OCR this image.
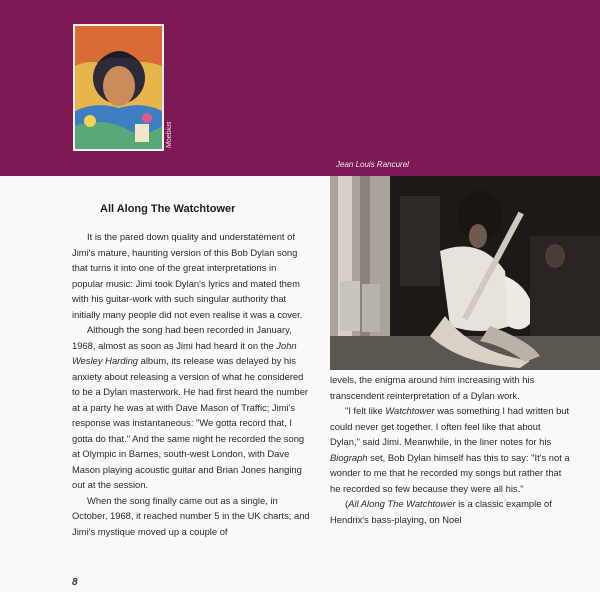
Moebius
Jean Louis Rancurel
All Along The Watchtower

It is the pared down quality and understatement of Jimi's mature, haunting version of this Bob Dylan song that turns it into one of the great interpretations in popular music: Jimi took Dylan's lyrics and mated them with his guitar-work with such singular authority that initially many people did not even realise it was a cover.

Although the song had been recorded in January, 1968, almost as soon as Jimi had heard it on the John Wesley Harding album, its release was delayed by his anxiety about releasing a version of what he considered to be a Dylan masterwork. He had first heard the number at a party he was at with Dave Mason of Traffic; Jimi's response was instantaneous: "We gotta record that, I gotta do that." And the same night he recorded the song at Olympic in Barnes, south-west London, with Dave Mason playing acoustic guitar and Brian Jones hanging out at the session.

When the song finally came out as a single, in October, 1968, it reached number 5 in the UK charts; and Jimi's mystique moved up a couple of

levels, the enigma around him increasing with his transcendent reinterpretation of a Dylan work.

"I felt like Watchtower was something I had written but could never get together. I often feel like that about Dylan," said Jimi. Meanwhile, in the liner notes for his Biograph set, Bob Dylan himself has this to say: "It's not a wonder to me that he recorded my songs but rather that he recorded so few because they were all his."

(All Along The Watchtower is a classic example of Hendrix's bass-playing, on Noel

8
